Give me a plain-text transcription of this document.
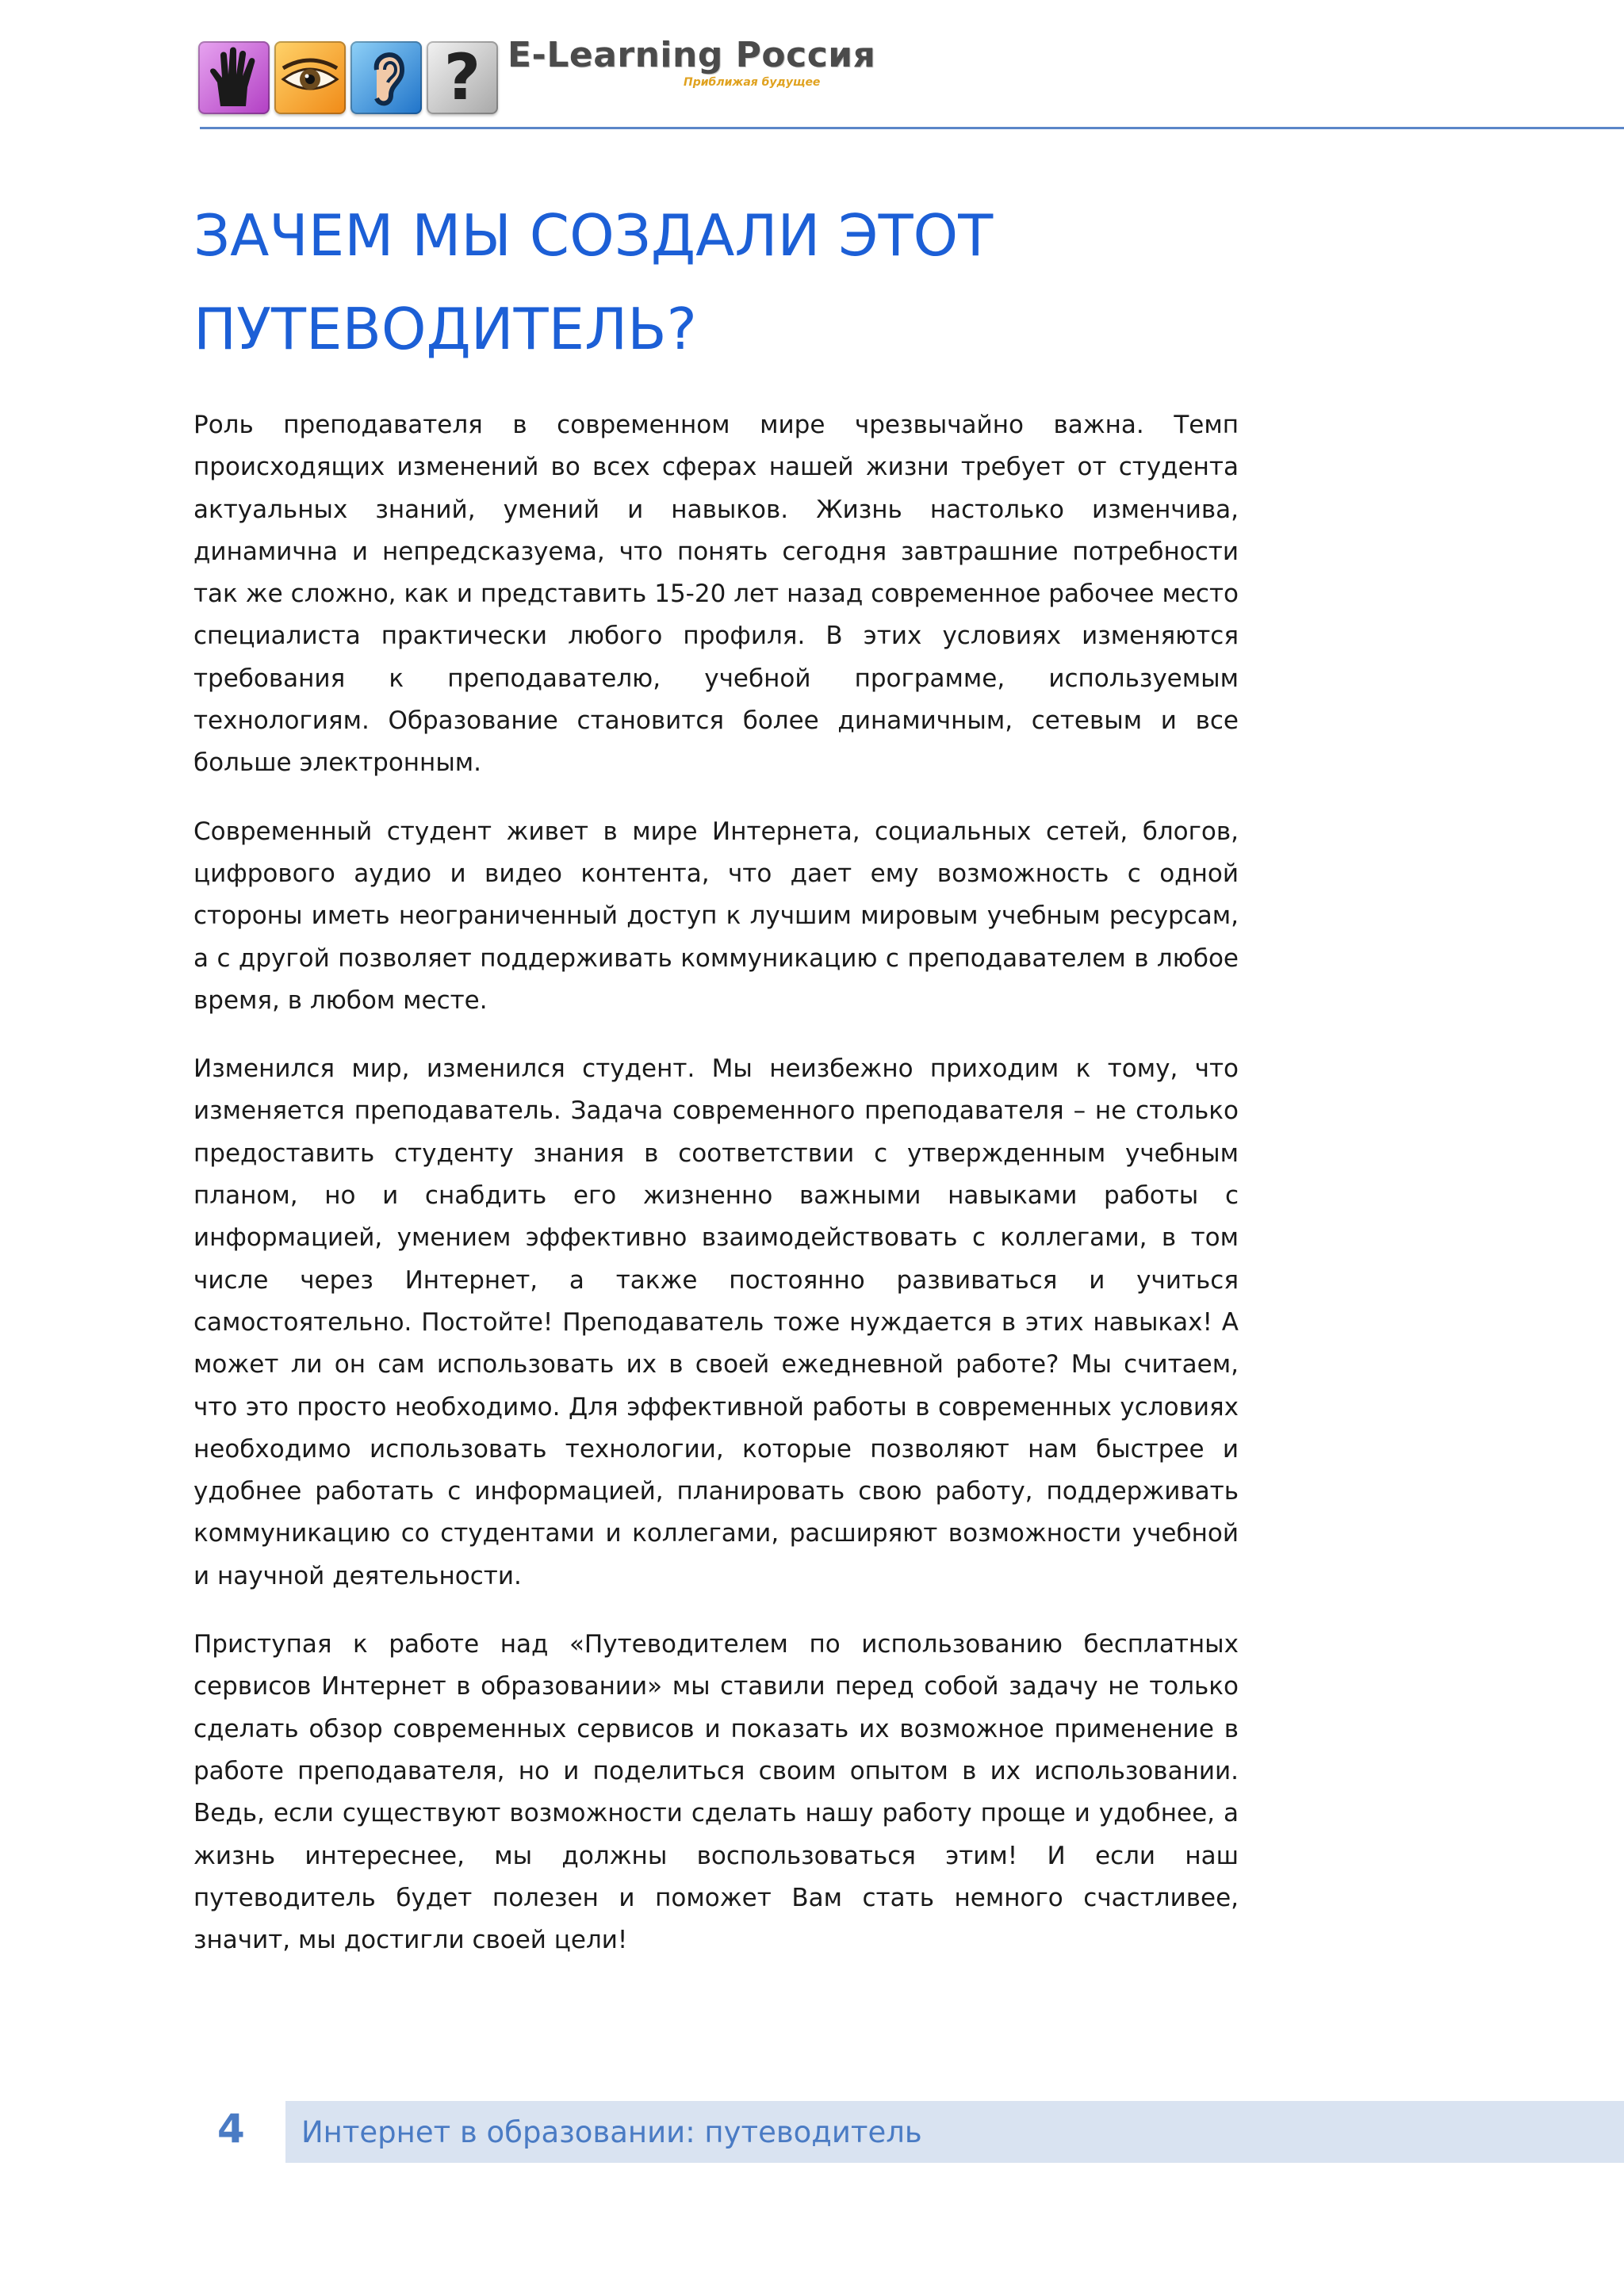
? E-Learning Россия
Приближая будущее
ЗАЧЕМ МЫ СОЗДАЛИ ЭТОТ
ПУТЕВОДИТЕЛЬ?

Роль преподавателя в современном мире чрезвычайно важна. Темп происходящих изменений во всех сферах нашей жизни требует от студента актуальных знаний, умений и навыков. Жизнь настолько изменчива, динамична и непредсказуема, что понять сегодня завтрашние потребности так же сложно, как и представить 15-20 лет назад современное рабочее место специалиста практически любого профиля. В этих условиях изменяются требования к преподавателю, учебной программе, используемым технологиям. Образование становится более динамичным, сетевым и все больше электронным.

Современный студент живет в мире Интернета, социальных сетей, блогов, цифрового аудио и видео контента, что дает ему возможность с одной стороны иметь неограниченный доступ к лучшим мировым учебным ресурсам, а с другой позволяет поддерживать коммуникацию с преподавателем в любое время, в любом месте.

Изменился мир, изменился студент. Мы неизбежно приходим к тому, что изменяется преподаватель. Задача современного преподавателя – не столько предоставить студенту знания в соответствии с утвержденным учебным планом, но и снабдить его жизненно важными навыками работы с информацией, умением эффективно взаимодействовать с коллегами, в том числе через Интернет, а также постоянно развиваться и учиться самостоятельно. Постойте! Преподаватель тоже нуждается в этих навыках! А может ли он сам использовать их в своей ежедневной работе? Мы считаем, что это просто необходимо. Для эффективной работы в современных условиях необходимо использовать технологии, которые позволяют нам быстрее и удобнее работать с информацией, планировать свою работу, поддерживать коммуникацию со студентами и коллегами, расширяют возможности учебной и научной деятельности.

Приступая к работе над «Путеводителем по использованию бесплатных сервисов Интернет в образовании» мы ставили перед собой задачу не только сделать обзор современных сервисов и показать их возможное применение в работе преподавателя, но и поделиться своим опытом в их использовании. Ведь, если существуют возможности сделать нашу работу проще и удобнее, а жизнь интереснее, мы должны воспользоваться этим! И если наш путеводитель будет полезен и поможет Вам стать немного счастливее, значит, мы достигли своей цели!

4 Интернет в образовании: путеводитель
